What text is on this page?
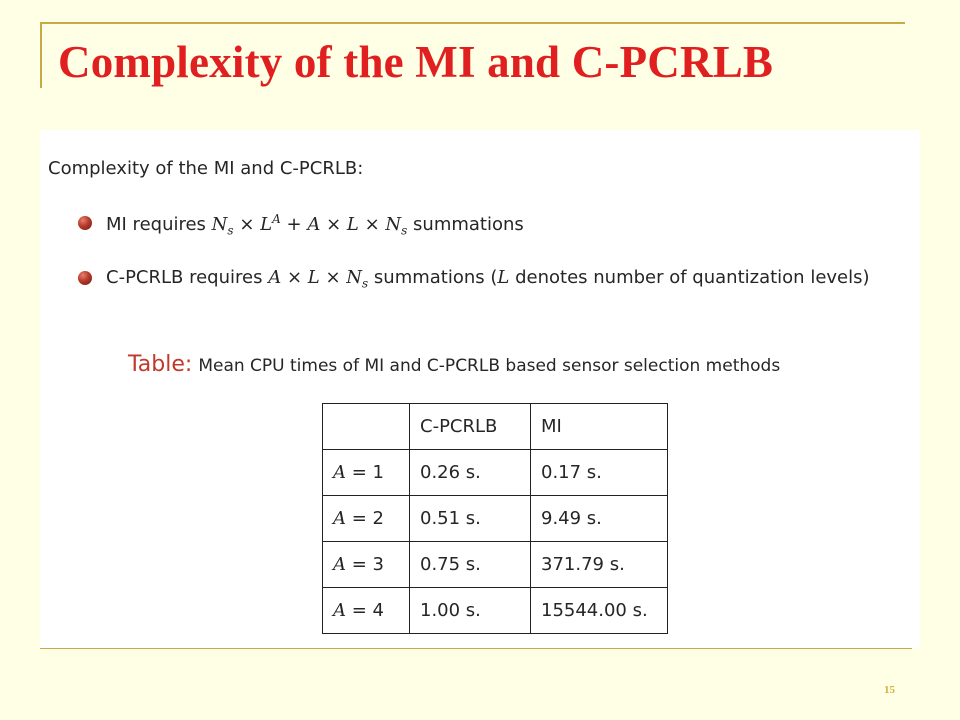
Complexity of the MI and C-PCRLB
Complexity of the MI and C-PCRLB:
MI requires $N_s \times L^A + A \times L \times N_s$ summations
C-PCRLB requires $A \times L \times N_s$ summations (L denotes number of quantization levels)
Table: Mean CPU times of MI and C-PCRLB based sensor selection methods
	C-PCRLB	MI
A = 1	0.26 s.	0.17 s.
A = 2	0.51 s.	9.49 s.
A = 3	0.75 s.	371.79 s.
A = 4	1.00 s.	15544.00 s.
15
